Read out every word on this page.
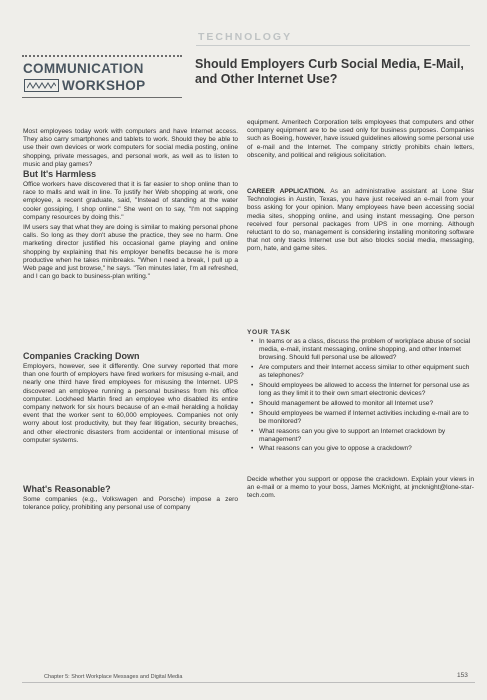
TECHNOLOGY
COMMUNICATION
WORKSHOP
Should Employers Curb Social Media, E-Mail, and Other Internet Use?
Most employees today work with computers and have Internet access. They also carry smartphones and tablets to work. Should they be able to use their own devices or work computers for social media posting, online shopping, private messages, and personal work, as well as to listen to music and play games?
But It's Harmless

Office workers have discovered that it is far easier to shop online than to race to malls and wait in line. To justify her Web shopping at work, one employee, a recent graduate, said, "Instead of standing at the water cooler gossiping, I shop online." She went on to say, "I'm not sapping company resources by doing this."

IM users say that what they are doing is similar to making personal phone calls. So long as they don't abuse the practice, they see no harm. One marketing director justified his occasional game playing and online shopping by explaining that his employer benefits because he is more productive when he takes minibreaks. "When I need a break, I pull up a Web page and just browse," he says. "Ten minutes later, I'm all refreshed, and I can go back to business-plan writing."

Companies Cracking Down

Employers, however, see it differently. One survey reported that more than one fourth of employers have fired workers for misusing e-mail, and nearly one third have fired employees for misusing the Internet. UPS discovered an employee running a personal business from his office computer. Lockheed Martin fired an employee who disabled its entire company network for six hours because of an e-mail heralding a holiday event that the worker sent to 60,000 employees. Companies not only worry about lost productivity, but they fear litigation, security breaches, and other electronic disasters from accidental or intentional misuse of computer systems.

What's Reasonable?

Some companies (e.g., Volkswagen and Porsche) impose a zero tolerance policy, prohibiting any personal use of company

equipment. Ameritech Corporation tells employees that computers and other company equipment are to be used only for business purposes. Companies such as Boeing, however, have issued guidelines allowing some personal use of e-mail and the Internet. The company strictly prohibits chain letters, obscenity, and political and religious solicitation.
CAREER APPLICATION. As an administrative assistant at Lone Star Technologies in Austin, Texas, you have just received an e-mail from your boss asking for your opinion. Many employees have been accessing social media sites, shopping online, and using instant messaging. One person received four personal packages from UPS in one morning. Although reluctant to do so, management is considering installing monitoring software that not only tracks Internet use but also blocks social media, messaging, porn, hate, and game sites.
YOUR TASK
• In teams or as a class, discuss the problem of workplace abuse of social media, e-mail, instant messaging, online shopping, and other Internet browsing. Should full personal use be allowed?
• Are computers and their Internet access similar to other equipment such as telephones?
• Should employees be allowed to access the Internet for personal use as long as they limit it to their own smart electronic devices?
• Should management be allowed to monitor all Internet use?
• Should employees be warned if Internet activities including e-mail are to be monitored?
• What reasons can you give to support an Internet crackdown by management?
• What reasons can you give to oppose a crackdown?
Decide whether you support or oppose the crackdown. Explain your views in an e-mail or a memo to your boss, James McKnight, at jmcknight@lone-star-tech.com.
Chapter 5: Short Workplace Messages and Digital Media	153
